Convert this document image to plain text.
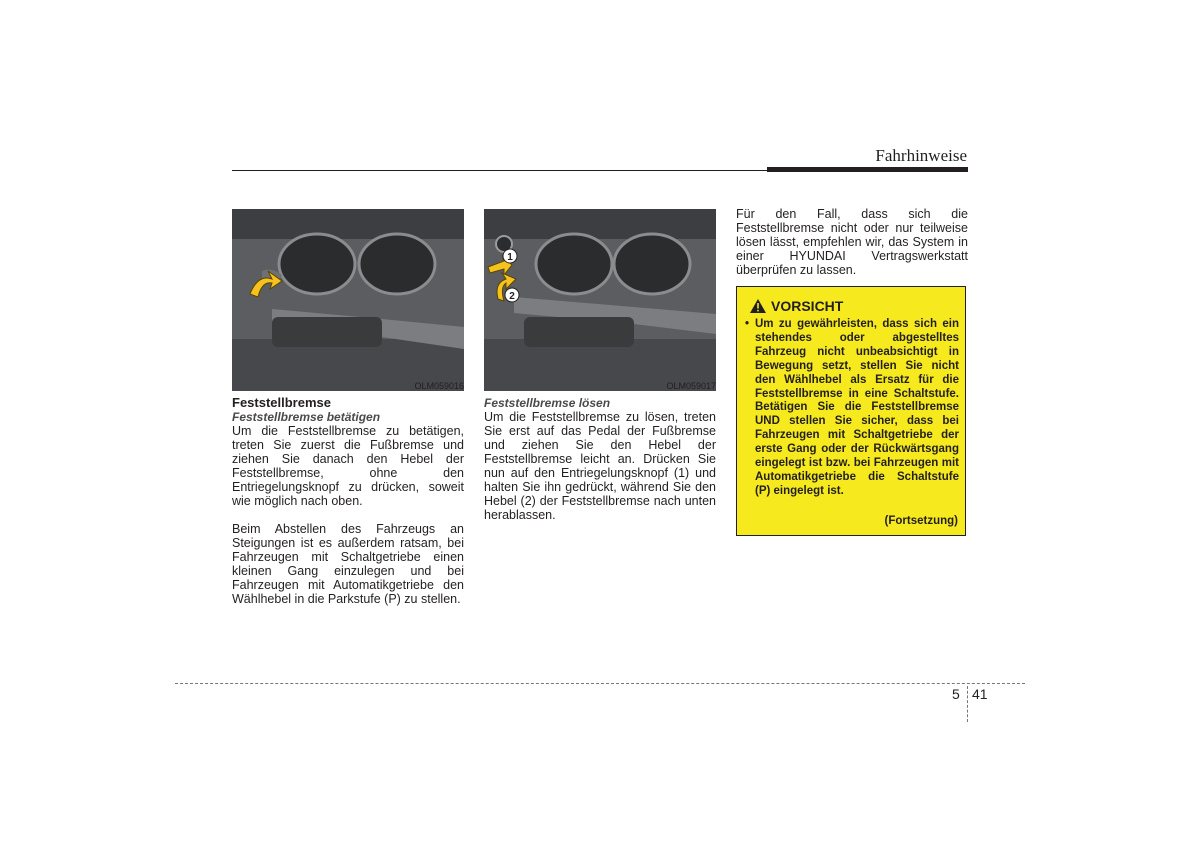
Fahrhinweise
OLM059016
1
2
OLM059017

Feststellbremse

Feststellbremse betätigen

Um die Feststellbremse zu betätigen, treten Sie zuerst die Fußbremse und ziehen Sie danach den Hebel der Feststellbremse, ohne den Entriegelungsknopf zu drücken, soweit wie möglich nach oben.

Beim Abstellen des Fahrzeugs an Steigungen ist es außerdem ratsam, bei Fahrzeugen mit Schaltgetriebe einen kleinen Gang einzulegen und bei Fahrzeugen mit Automatikgetriebe den Wählhebel in die Parkstufe (P) zu stellen.

Feststellbremse lösen

Um die Feststellbremse zu lösen, treten Sie erst auf das Pedal der Fußbremse und ziehen Sie den Hebel der Feststellbremse leicht an. Drücken Sie nun auf den Entriegelungsknopf (1) und halten Sie ihn gedrückt, während Sie den Hebel (2) der Feststellbremse nach unten herablassen.

Für den Fall, dass sich die Feststellbremse nicht oder nur teilweise lösen lässt, empfehlen wir, das System in einer HYUNDAI Vertragswerkstatt überprüfen zu lassen.

VORSICHT
• Um zu gewährleisten, dass sich ein stehendes oder abgestelltes Fahrzeug nicht unbeabsichtigt in Bewegung setzt, stellen Sie nicht den Wählhebel als Ersatz für die Feststellbremse in eine Schaltstufe. Betätigen Sie die Feststellbremse UND stellen Sie sicher, dass bei Fahrzeugen mit Schaltgetriebe der erste Gang oder der Rückwärtsgang eingelegt ist bzw. bei Fahrzeugen mit Automatikgetriebe die Schaltstufe (P) eingelegt ist.
(Fortsetzung)
5 41
